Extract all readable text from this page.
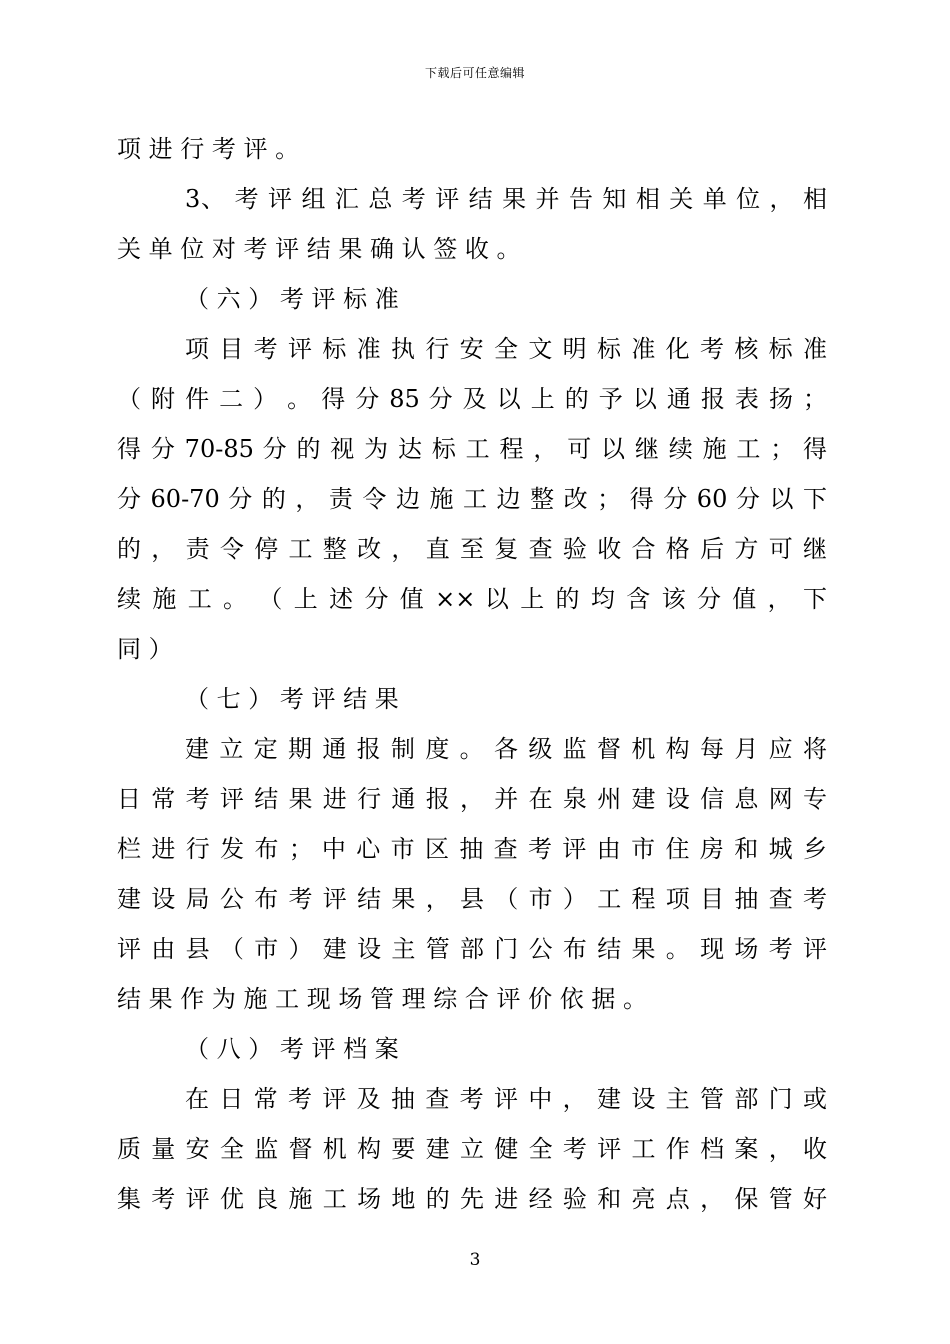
下载后可任意编辑
项 进 行 考 评 。
3、 考 评 组 汇 总 考 评 结 果 并 告 知 相 关 单 位 ， 相
关 单 位 对 考 评 结 果 确 认 签 收 。
（ 六 ） 考 评 标 准
项 目 考 评 标 准 执 行 安 全 文 明 标 准 化 考 核 标 准
（ 附 件 二 ） 。 得 分 85 分 及 以 上 的 予 以 通 报 表 扬 ；
得 分 70-85 分 的 视 为 达 标 工 程 ， 可 以 继 续 施 工 ； 得
分 60-70 分 的 ， 责 令 边 施 工 边 整 改 ； 得 分 60 分 以 下
的 ， 责 令 停 工 整 改 ， 直 至 复 查 验 收 合 格 后 方 可 继
续 施 工 。 （ 上 述 分 值 ×× 以 上 的 均 含 该 分 值 ， 下
同 ）
（ 七 ） 考 评 结 果
建 立 定 期 通 报 制 度 。 各 级 监 督 机 构 每 月 应 将
日 常 考 评 结 果 进 行 通 报 ， 并 在 泉 州 建 设 信 息 网 专
栏 进 行 发 布 ； 中 心 市 区 抽 查 考 评 由 市 住 房 和 城 乡
建 设 局 公 布 考 评 结 果 ， 县 （ 市 ） 工 程 项 目 抽 查 考
评 由 县 （ 市 ） 建 设 主 管 部 门 公 布 结 果 。 现 场 考 评
结 果 作 为 施 工 现 场 管 理 综 合 评 价 依 据 。
（ 八 ） 考 评 档 案
在 日 常 考 评 及 抽 查 考 评 中 ， 建 设 主 管 部 门 或
质 量 安 全 监 督 机 构 要 建 立 健 全 考 评 工 作 档 案 ， 收
集 考 评 优 良 施 工 场 地 的 先 进 经 验 和 亮 点 ， 保 管 好
3
